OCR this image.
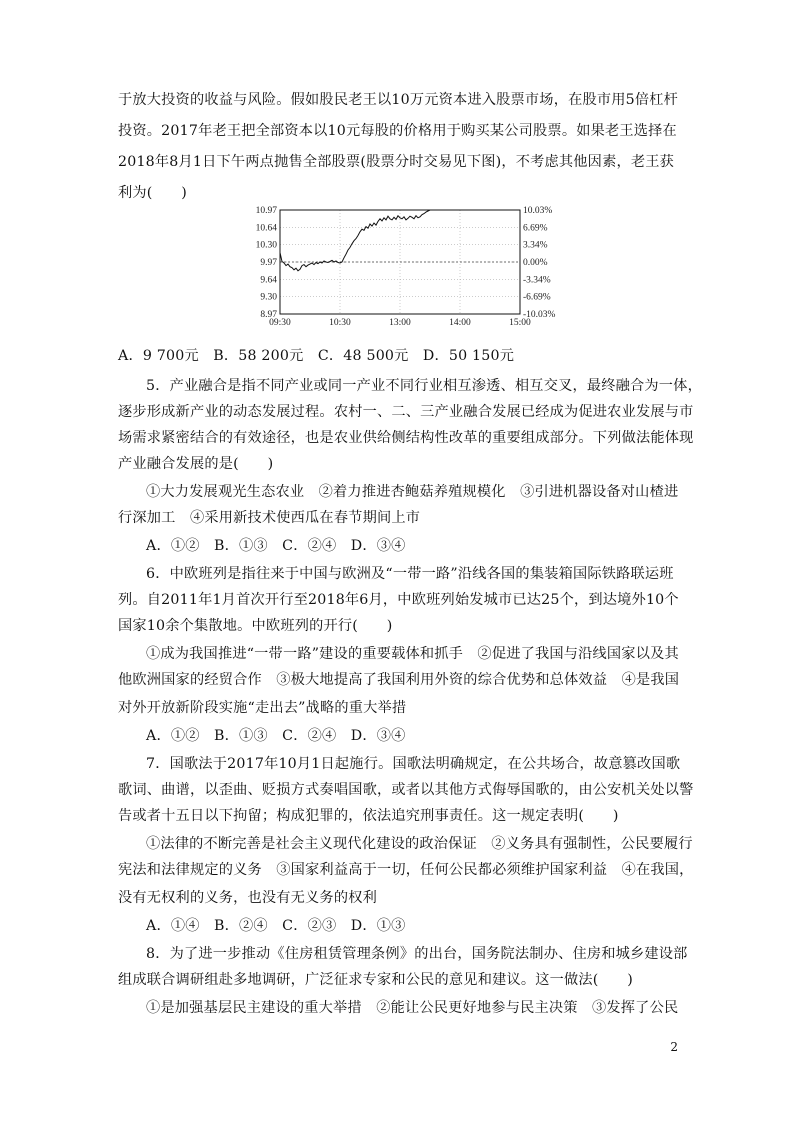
于放大投资的收益与风险。假如股民老王以10万元资本进入股票市场，在股市用5倍杠杆
投资。2017年老王把全部资本以10元每股的价格用于购买某公司股票。如果老王选择在
2018年8月1日下午两点抛售全部股票(股票分时交易见下图)，不考虑其他因素，老王获
利为(　　)
10.97
10.64
10.30
9.97
9.64
9.30
8.97
10.03%
6.69%
3.34%
0.00%
-3.34%
-6.69%
-10.03%
09:30	10:30	13:00	14:00	15:00
A．9 700元　B．58 200元　C．48 500元　D．50 150元
5．产业融合是指不同产业或同一产业不同行业相互渗透、相互交叉，最终融合为一体，
逐步形成新产业的动态发展过程。农村一、二、三产业融合发展已经成为促进农业发展与市
场需求紧密结合的有效途径，也是农业供给侧结构性改革的重要组成部分。下列做法能体现
产业融合发展的是(　　)
①大力发展观光生态农业　②着力推进杏鲍菇养殖规模化　③引进机器设备对山楂进
行深加工　④采用新技术使西瓜在春节期间上市
A．①②　B．①③　C．②④　D．③④
6．中欧班列是指往来于中国与欧洲及“一带一路”沿线各国的集装箱国际铁路联运班
列。自2011年1月首次开行至2018年6月，中欧班列始发城市已达25个，到达境外10个
国家10余个集散地。中欧班列的开行(　　)
①成为我国推进“一带一路”建设的重要载体和抓手　②促进了我国与沿线国家以及其
他欧洲国家的经贸合作　③极大地提高了我国利用外资的综合优势和总体效益　④是我国
对外开放新阶段实施“走出去”战略的重大举措
A．①②　B．①③　C．②④　D．③④
7．国歌法于2017年10月1日起施行。国歌法明确规定，在公共场合，故意篡改国歌
歌词、曲谱，以歪曲、贬损方式奏唱国歌，或者以其他方式侮辱国歌的，由公安机关处以警
告或者十五日以下拘留；构成犯罪的，依法追究刑事责任。这一规定表明(　　)
①法律的不断完善是社会主义现代化建设的政治保证　②义务具有强制性，公民要履行
宪法和法律规定的义务　③国家利益高于一切，任何公民都必须维护国家利益　④在我国，
没有无权利的义务，也没有无义务的权利
A．①④　B．②④　C．②③　D．①③
8．为了进一步推动《住房租赁管理条例》的出台，国务院法制办、住房和城乡建设部
组成联合调研组赴多地调研，广泛征求专家和公民的意见和建议。这一做法(　　)
①是加强基层民主建设的重大举措　②能让公民更好地参与民主决策　③发挥了公民
2
